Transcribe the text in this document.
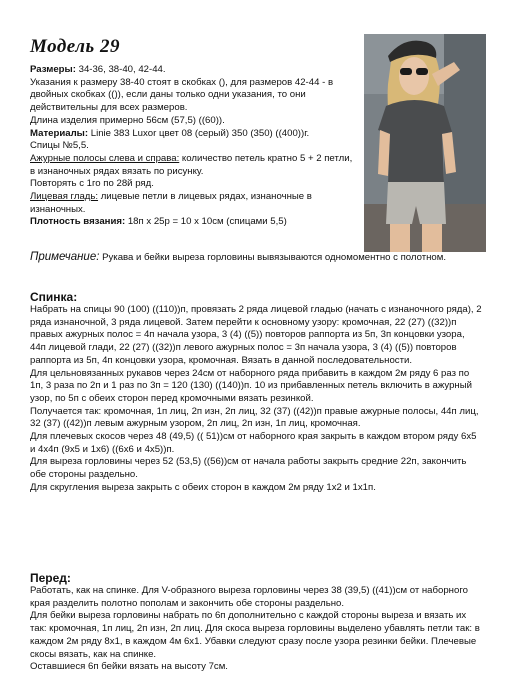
Модель 29

Размеры: 34-36, 38-40, 42-44.

Указания к размеру 38-40 стоят в скобках (), для размеров 42-44 - в двойных скобках (()), если даны только одни указания, то они действительны для всех размеров.

Длина изделия примерно 56см (57,5) ((60)).

Материалы: Linie 383 Luxor цвет 08 (серый) 350 (350) ((400))г.

Спицы №5,5.

Ажурные полосы слева и справа: количество петель кратно 5 + 2 петли, в изнаночных рядах вязать по рисунку.

Повторять с 1го по 28й ряд.

Лицевая гладь: лицевые петли в лицевых рядах, изнаночные в изнаночных.

Плотность вязания: 18п x 25р = 10 x 10см (спицами 5,5)

Примечание: Рукава и бейки выреза горловины вывязываются одномоментно с полотном.

Спинка:

Набрать на спицы 90 (100) ((110))п, провязать 2 ряда лицевой гладью (начать с изнаночного ряда), 2 ряда изнаночной, 3 ряда лицевой. Затем перейти к основному узору: кромочная, 22 (27) ((32))п правых ажурных полос = 4п начала узора, 3 (4) ((5)) повторов раппорта из 5п, 3п концовки узора, 44п лицевой глади, 22 (27) ((32))п левого ажурных полос = 3п начала узора, 3 (4) ((5)) повторов раппорта из 5п, 4п концовки узора, кромочная. Вязать в данной последовательности.

Для цельновязанных рукавов через 24см от наборного ряда прибавить в каждом 2м ряду 6 раз по 1п, 3 раза по 2п и 1 раз по 3п = 120 (130) ((140))п. 10 из прибавленных петель включить в ажурный узор, по 5п с обеих сторон перед кромочными вязать резинкой.

Получается так: кромочная, 1п лиц, 2п изн, 2п лиц, 32 (37) ((42))п правые ажурные полосы, 44п лиц, 32 (37) ((42))п левым ажурным узором, 2п лиц, 2п изн, 1п лиц, кромочная.

Для плечевых скосов через 48 (49,5) (( 51))см от наборного края закрыть в каждом втором ряду 6x5 и 4x4п (9x5 и 1x6) ((6x6 и 4x5))п.

Для выреза горловины через 52 (53,5) ((56))см от начала работы закрыть средние 22п, закончить обе стороны раздельно.

Для скругления выреза закрыть с обеих сторон в каждом 2м ряду 1x2 и 1x1п.

Перед:

Работать, как на спинке. Для V-образного выреза горловины через 38 (39,5) ((41))см от наборного края разделить полотно пополам и закончить обе стороны раздельно.

Для бейки выреза горловины набрать по 6п дополнительно с каждой стороны выреза и вязать их так: кромочная, 1п лиц, 2п изн, 2п лиц. Для скоса выреза горловины выделено убавлять петли так: в каждом 2м ряду 8x1, в каждом 4м 6x1. Убавки следуют сразу после узора резинки бейки. Плечевые скосы вязать, как на спинке.

Оставшиеся 6п бейки вязать на высоту 7см.
